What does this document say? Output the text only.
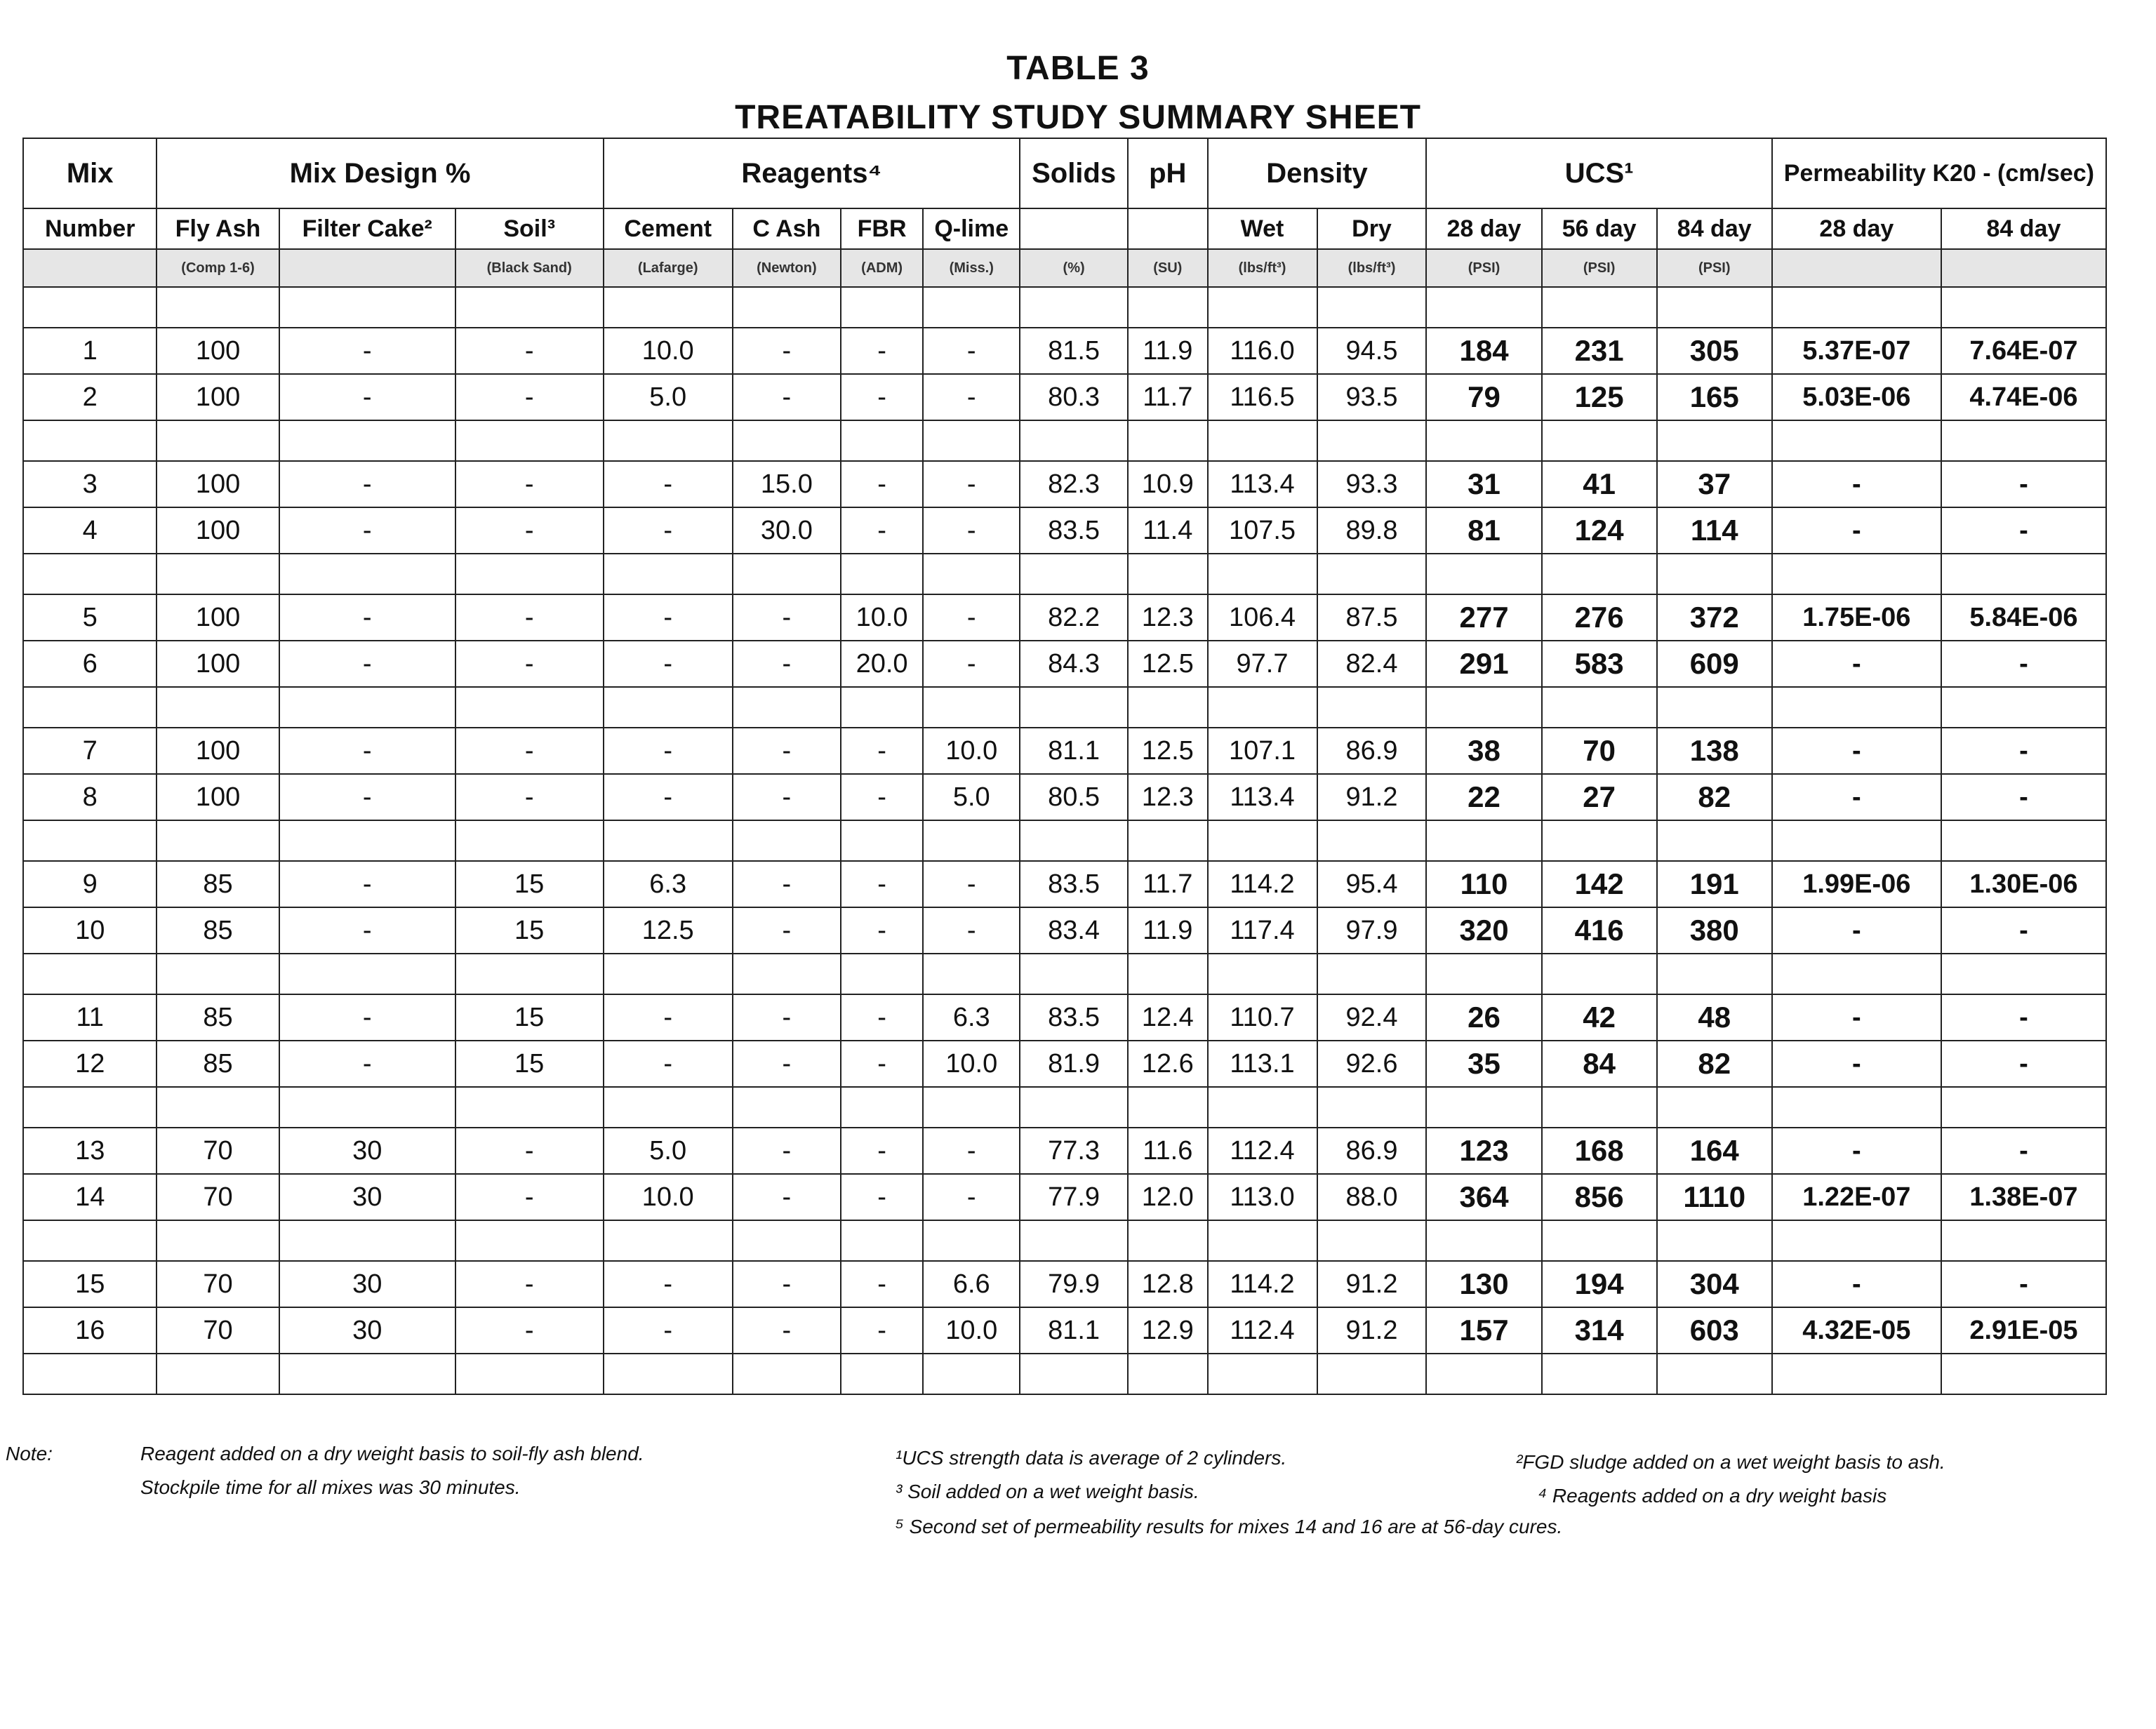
TABLE 3
TREATABILITY STUDY SUMMARY SHEET
Mix	Mix Design %			Reagents⁴				Solids	pH	Density		UCS¹			Permeability K20 - (cm/sec)	
Number	Fly Ash	Filter Cake²	Soil³	Cement	C Ash	FBR	Q-lime			Wet	Dry	28 day	56 day	84 day	28 day	84 day
	(Comp 1-6)		(Black Sand)	(Lafarge)	(Newton)	(ADM)	(Miss.)	(%)	(SU)	(lbs/ft³)	(lbs/ft³)	(PSI)	(PSI)	(PSI)		

1	100	-	-	10.0	-	-	-	81.5	11.9	116.0	94.5	184	231	305	5.37E-07	7.64E-07
2	100	-	-	5.0	-	-	-	80.3	11.7	116.5	93.5	79	125	165	5.03E-06	4.74E-06

3	100	-	-	-	15.0	-	-	82.3	10.9	113.4	93.3	31	41	37	-	-
4	100	-	-	-	30.0	-	-	83.5	11.4	107.5	89.8	81	124	114	-	-

5	100	-	-	-	-	10.0	-	82.2	12.3	106.4	87.5	277	276	372	1.75E-06	5.84E-06
6	100	-	-	-	-	20.0	-	84.3	12.5	97.7	82.4	291	583	609	-	-

7	100	-	-	-	-	-	10.0	81.1	12.5	107.1	86.9	38	70	138	-	-
8	100	-	-	-	-	-	5.0	80.5	12.3	113.4	91.2	22	27	82	-	-

9	85	-	15	6.3	-	-	-	83.5	11.7	114.2	95.4	110	142	191	1.99E-06	1.30E-06
10	85	-	15	12.5	-	-	-	83.4	11.9	117.4	97.9	320	416	380	-	-

11	85	-	15	-	-	-	6.3	83.5	12.4	110.7	92.4	26	42	48	-	-
12	85	-	15	-	-	-	10.0	81.9	12.6	113.1	92.6	35	84	82	-	-

13	70	30	-	5.0	-	-	-	77.3	11.6	112.4	86.9	123	168	164	-	-
14	70	30	-	10.0	-	-	-	77.9	12.0	113.0	88.0	364	856	1110	1.22E-07	1.38E-07

15	70	30	-	-	-	-	6.6	79.9	12.8	114.2	91.2	130	194	304	-	-
16	70	30	-	-	-	-	10.0	81.1	12.9	112.4	91.2	157	314	603	4.32E-05	2.91E-05

Note:	Reagent added on a dry weight basis to soil-fly ash blend.
Stockpile time for all mixes was 30 minutes.
¹UCS strength data is average of 2 cylinders.	²FGD sludge added on a wet weight basis to ash.
³ Soil added on a wet weight basis.	⁴ Reagents added on a dry weight basis
⁵ Second set of permeability results for mixes 14 and 16 are at 56-day cures.
